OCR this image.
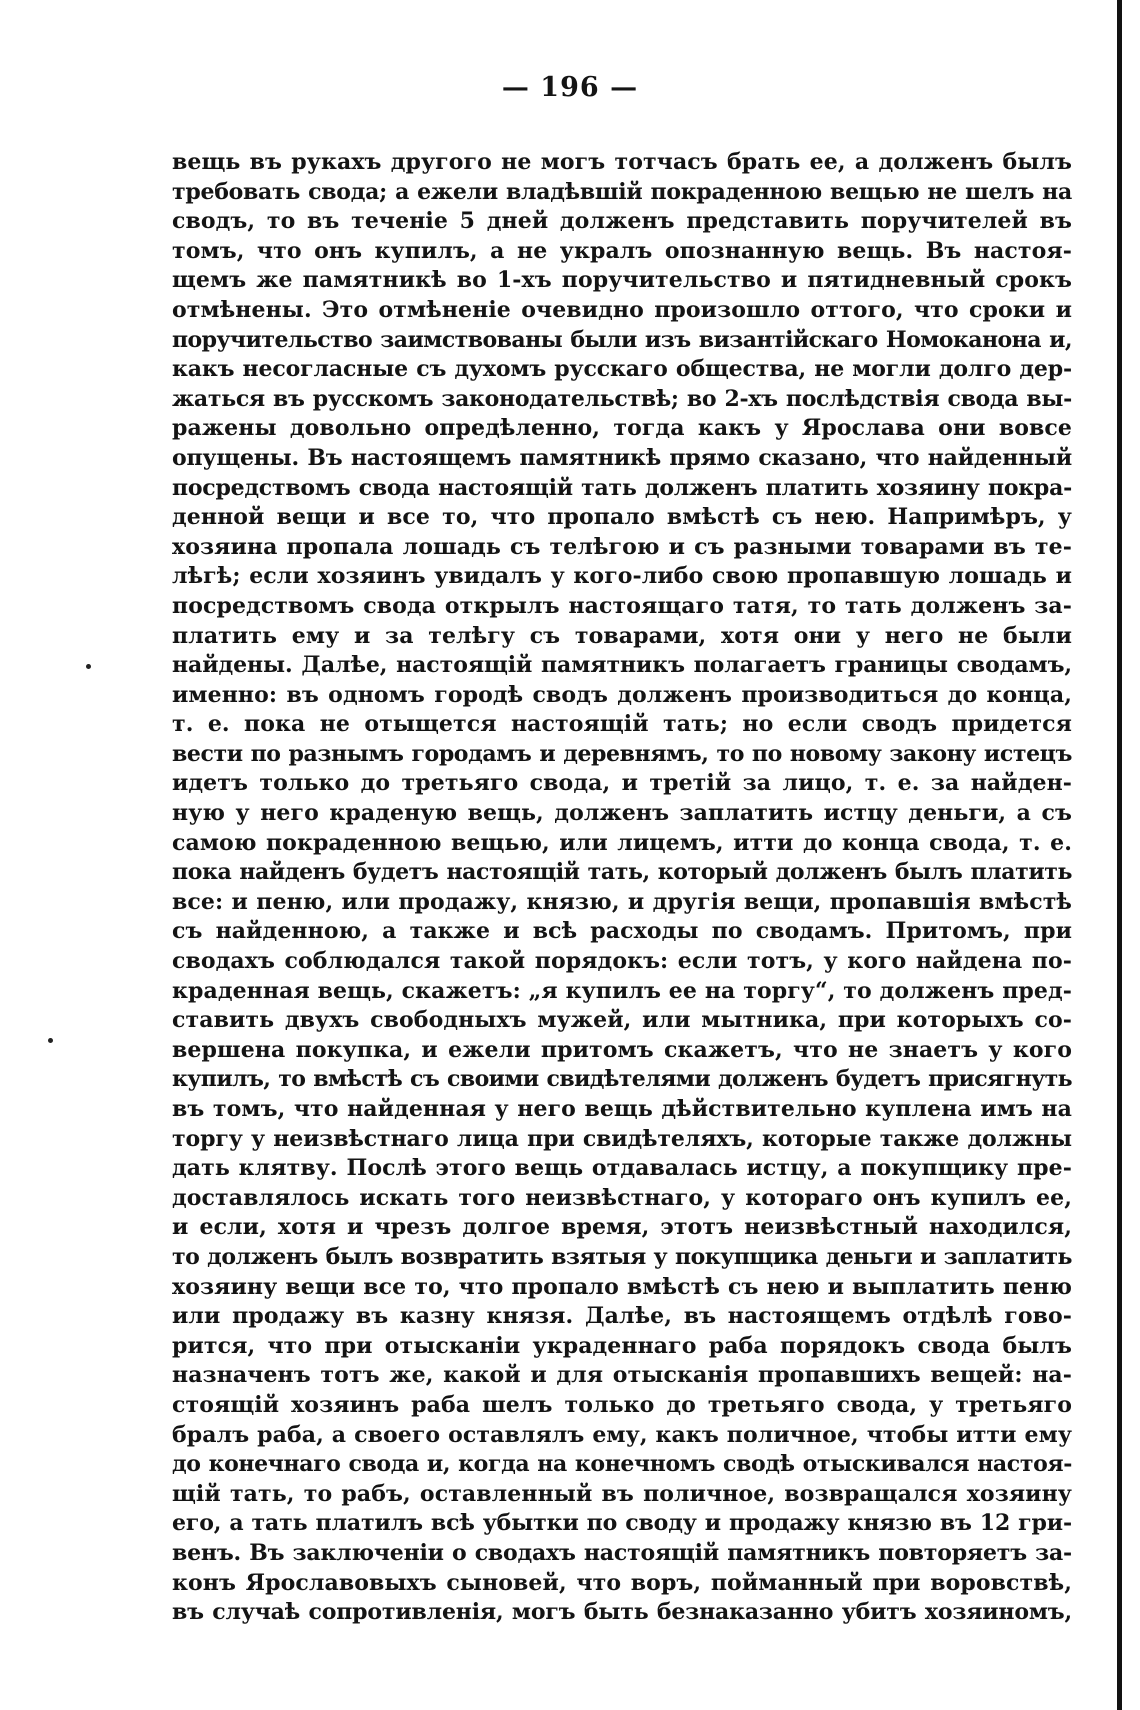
— 196 —
вещь въ рукахъ другого не могъ тотчасъ брать ее, а долженъ былъ
требовать свода; а ежели владѣвшій покраденною вещью не шелъ на
сводъ, то въ теченіе 5 дней долженъ представить поручителей въ
томъ, что онъ купилъ, а не укралъ опознанную вещь. Въ настоя-
щемъ же памятникѣ во 1-хъ поручительство и пятидневный срокъ
отмѣнены. Это отмѣненіе очевидно произошло оттого, что сроки и
поручительство заимствованы были изъ византійскаго Номоканона и,
какъ несогласные съ духомъ русскаго общества, не могли долго дер-
жаться въ русскомъ законодательствѣ; во 2-хъ послѣдствія свода вы-
ражены довольно опредѣленно, тогда какъ у Ярослава они вовсе
опущены. Въ настоящемъ памятникѣ прямо сказано, что найденный
посредствомъ свода настоящій тать долженъ платить хозяину покра-
денной вещи и все то, что пропало вмѣстѣ съ нею. Напримѣръ, у
хозяина пропала лошадь съ телѣгою и съ разными товарами въ те-
лѣгѣ; если хозяинъ увидалъ у кого-либо свою пропавшую лошадь и
посредствомъ свода открылъ настоящаго татя, то тать долженъ за-
платить ему и за телѣгу съ товарами, хотя они у него не были
найдены. Далѣе, настоящій памятникъ полагаетъ границы сводамъ,
именно: въ одномъ городѣ сводъ долженъ производиться до конца,
т. е. пока не отыщется настоящій тать; но если сводъ придется
вести по разнымъ городамъ и деревнямъ, то по новому закону истецъ
идетъ только до третьяго свода, и третій за лицо, т. е. за найден-
ную у него краденую вещь, долженъ заплатить истцу деньги, а съ
самою покраденною вещью, или лицемъ, итти до конца свода, т. е.
пока найденъ будетъ настоящій тать, который долженъ былъ платить
все: и пеню, или продажу, князю, и другія вещи, пропавшія вмѣстѣ
съ найденною, а также и всѣ расходы по сводамъ. Притомъ, при
сводахъ соблюдался такой порядокъ: если тотъ, у кого найдена по-
краденная вещь, скажетъ: „я купилъ ее на торгу“, то долженъ пред-
ставить двухъ свободныхъ мужей, или мытника, при которыхъ со-
вершена покупка, и ежели притомъ скажетъ, что не знаетъ у кого
купилъ, то вмѣстѣ съ своими свидѣтелями долженъ будетъ присягнуть
въ томъ, что найденная у него вещь дѣйствительно куплена имъ на
торгу у неизвѣстнаго лица при свидѣтеляхъ, которые также должны
дать клятву. Послѣ этого вещь отдавалась истцу, а покупщику пре-
доставлялось искать того неизвѣстнаго, у котораго онъ купилъ ее,
и если, хотя и чрезъ долгое время, этотъ неизвѣстный находился,
то долженъ былъ возвратить взятыя у покупщика деньги и заплатить
хозяину вещи все то, что пропало вмѣстѣ съ нею и выплатить пеню
или продажу въ казну князя. Далѣе, въ настоящемъ отдѣлѣ гово-
рится, что при отысканіи украденнаго раба порядокъ свода былъ
назначенъ тотъ же, какой и для отысканія пропавшихъ вещей: на-
стоящій хозяинъ раба шелъ только до третьяго свода, у третьяго
бралъ раба, а своего оставлялъ ему, какъ поличное, чтобы итти ему
до конечнаго свода и, когда на конечномъ сводѣ отыскивался настоя-
щій тать, то рабъ, оставленный въ поличное, возвращался хозяину
его, а тать платилъ всѣ убытки по своду и продажу князю въ 12 гри-
венъ. Въ заключеніи о сводахъ настоящій памятникъ повторяетъ за-
конъ Ярославовыхъ сыновей, что воръ, пойманный при воровствѣ,
въ случаѣ сопротивленія, могъ быть безнаказанно убитъ хозяиномъ,
